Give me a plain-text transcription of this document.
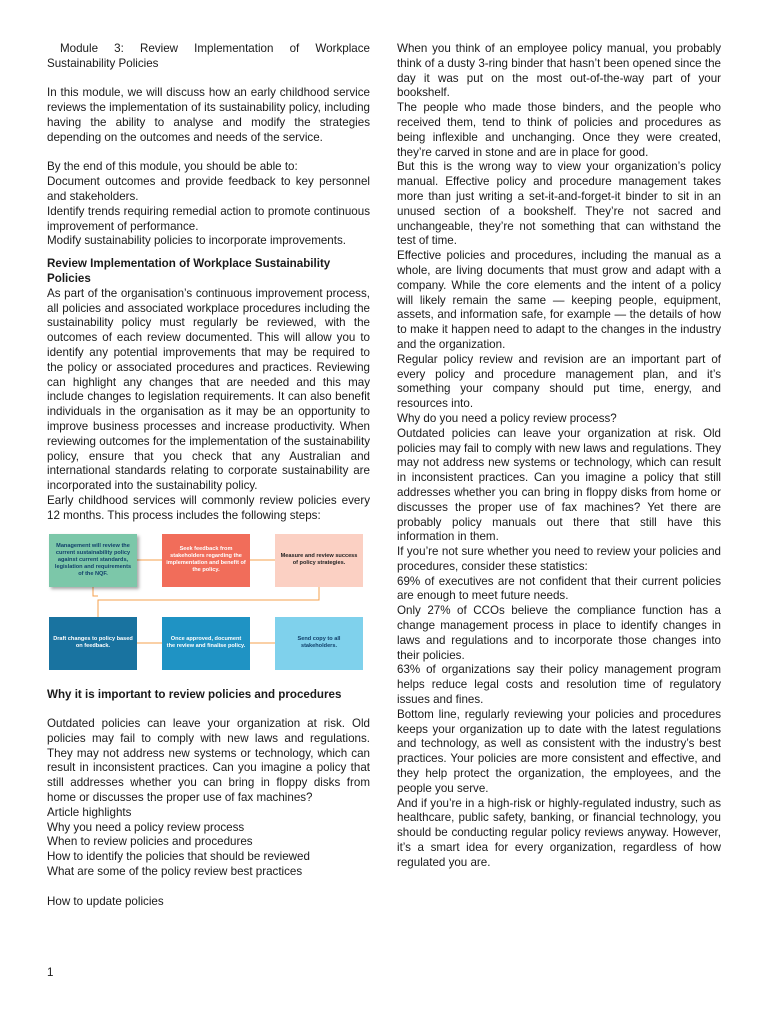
Module 3: Review Implementation of Workplace Sustainability Policies

In this module, we will discuss how an early childhood service reviews the implementation of its sustainability policy, including having the ability to analyse and modify the strategies depending on the outcomes and needs of the service.

By the end of this module, you should be able to:

Document outcomes and provide feedback to key personnel and stakeholders.

Identify trends requiring remedial action to promote continuous improvement of performance.

Modify sustainability policies to incorporate improvements.

Review Implementation of Workplace Sustainability Policies

As part of the organisation’s continuous improvement process, all policies and associated workplace procedures including the sustainability policy must regularly be reviewed, with the outcomes of each review documented. This will allow you to identify any potential improvements that may be required to the policy or associated procedures and practices. Reviewing can highlight any changes that are needed and this may include changes to legislation requirements. It can also benefit individuals in the organisation as it may be an opportunity to improve business processes and increase productivity. When reviewing outcomes for the implementation of the sustainability policy, ensure that you check that any Australian and international standards relating to corporate sustainability are incorporated into the sustainability policy.

Early childhood services will commonly review policies every 12 months. This process includes the following steps:

Management will review the current sustainability policy against current standards, legislation and requirements of the NQF.
Seek feedback from stakeholders regarding the implementation and benefit of the policy.
Measure and review success of policy strategies.
Draft changes to policy based on feedback.
Once approved, document the review and finalise policy.
Send copy to all stakeholders.

Why it is important to review policies and procedures

Outdated policies can leave your organization at risk. Old policies may fail to comply with new laws and regulations. They may not address new systems or technology, which can result in inconsistent practices. Can you imagine a policy that still addresses whether you can bring in floppy disks from home or discusses the proper use of fax machines?

Article highlights

Why you need a policy review process

When to review policies and procedures

How to identify the policies that should be reviewed

What are some of the policy review best practices

How to update policies

When you think of an employee policy manual, you probably think of a dusty 3-ring binder that hasn’t been opened since the day it was put on the most out-of-the-way part of your bookshelf.

The people who made those binders, and the people who received them, tend to think of policies and procedures as being inflexible and unchanging. Once they were created, they’re carved in stone and are in place for good.

But this is the wrong way to view your organization’s policy manual. Effective policy and procedure management takes more than just writing a set-it-and-forget-it binder to sit in an unused section of a bookshelf. They’re not sacred and unchangeable, they’re not something that can withstand the test of time.

Effective policies and procedures, including the manual as a whole, are living documents that must grow and adapt with a company. While the core elements and the intent of a policy will likely remain the same — keeping people, equipment, assets, and information safe, for example — the details of how to make it happen need to adapt to the changes in the industry and the organization.

Regular policy review and revision are an important part of every policy and procedure management plan, and it’s something your company should put time, energy, and resources into.

Why do you need a policy review process?

Outdated policies can leave your organization at risk. Old policies may fail to comply with new laws and regulations. They may not address new systems or technology, which can result in inconsistent practices. Can you imagine a policy that still addresses whether you can bring in floppy disks from home or discusses the proper use of fax machines? Yet there are probably policy manuals out there that still have this information in them.

If you’re not sure whether you need to review your policies and procedures, consider these statistics:

69% of executives are not confident that their current policies are enough to meet future needs.

Only 27% of CCOs believe the compliance function has a change management process in place to identify changes in laws and regulations and to incorporate those changes into their policies.

63% of organizations say their policy management program helps reduce legal costs and resolution time of regulatory issues and fines.

Bottom line, regularly reviewing your policies and procedures keeps your organization up to date with the latest regulations and technology, as well as consistent with the industry’s best practices. Your policies are more consistent and effective, and they help protect the organization, the employees, and the people you serve.

And if you’re in a high-risk or highly-regulated industry, such as healthcare, public safety, banking, or financial technology, you should be conducting regular policy reviews anyway. However, it’s a smart idea for every organization, regardless of how regulated you are.

1
